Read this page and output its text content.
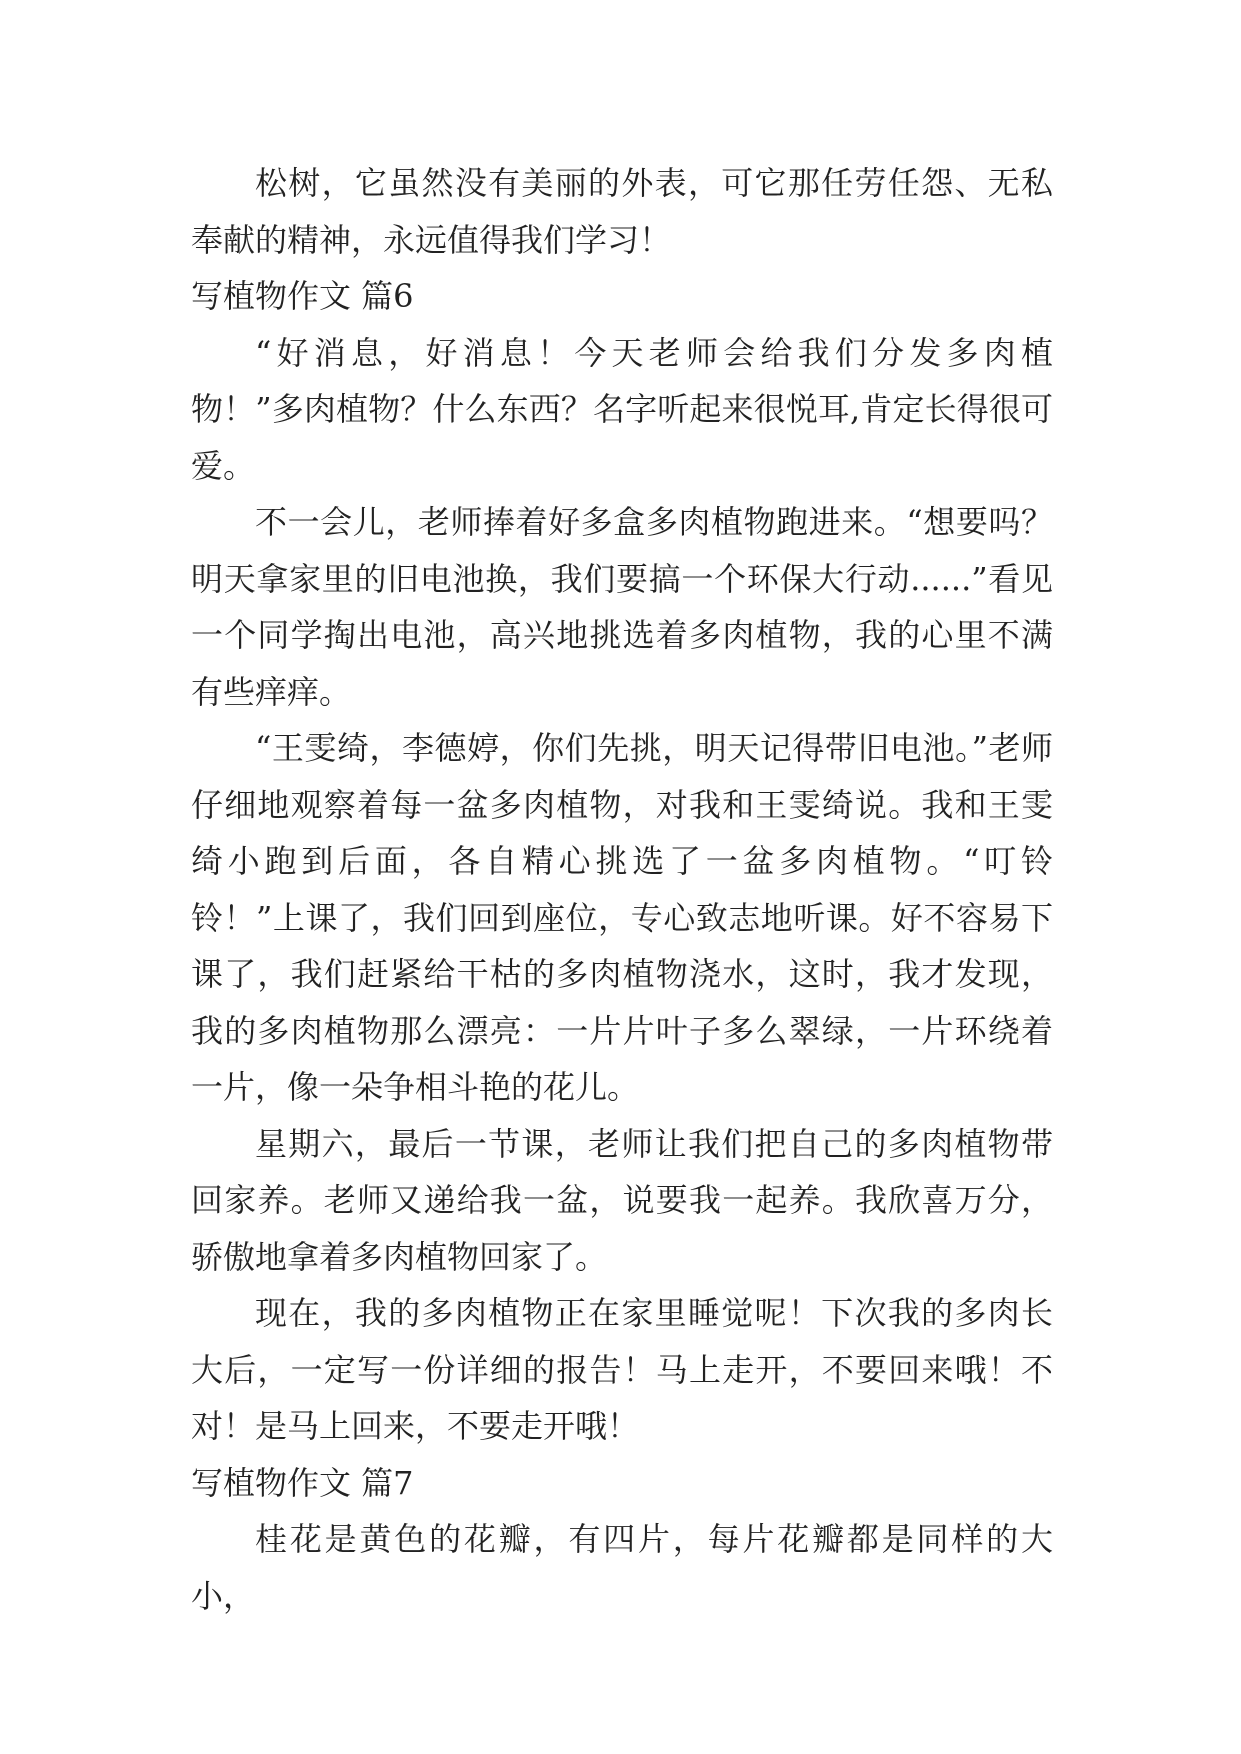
松树，它虽然没有美丽的外表，可它那任劳任怨、无私奉献的精神，永远值得我们学习！

写植物作文 篇6

“好消息，好消息！今天老师会给我们分发多肉植物！”多肉植物？什么东西？名字听起来很悦耳,肯定长得很可爱。

不一会儿，老师捧着好多盒多肉植物跑进来。“想要吗？明天拿家里的旧电池换，我们要搞一个环保大行动......”看见一个同学掏出电池，高兴地挑选着多肉植物，我的心里不满有些痒痒。

“王雯绮，李德婷，你们先挑，明天记得带旧电池。”老师仔细地观察着每一盆多肉植物，对我和王雯绮说。我和王雯绮小跑到后面，各自精心挑选了一盆多肉植物。“叮铃铃！”上课了，我们回到座位，专心致志地听课。好不容易下课了，我们赶紧给干枯的多肉植物浇水，这时，我才发现，我的多肉植物那么漂亮：一片片叶子多么翠绿，一片环绕着一片，像一朵争相斗艳的花儿。

星期六，最后一节课，老师让我们把自己的多肉植物带回家养。老师又递给我一盆，说要我一起养。我欣喜万分，骄傲地拿着多肉植物回家了。

现在，我的多肉植物正在家里睡觉呢！下次我的多肉长大后，一定写一份详细的报告！马上走开，不要回来哦！不对！是马上回来，不要走开哦！

写植物作文 篇7

桂花是黄色的花瓣，有四片，每片花瓣都是同样的大小，
